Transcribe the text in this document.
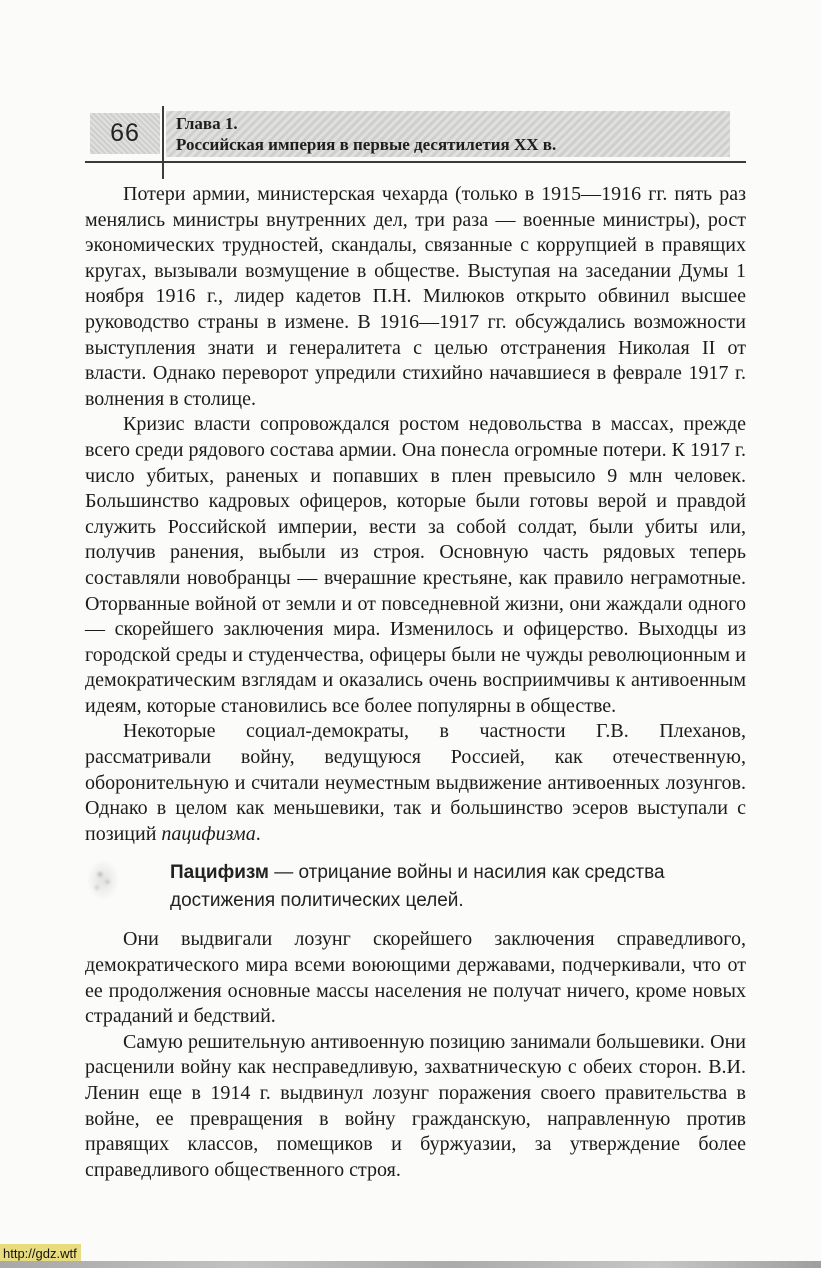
66	Глава 1.
Российская империя в первые десятилетия XX в.

Потери армии, министерская чехарда (только в 1915—1916 гг. пять раз менялись министры внутренних дел, три раза — военные министры), рост экономических трудностей, скандалы, связанные с коррупцией в правящих кругах, вызывали возмущение в обществе. Выступая на заседании Думы 1 ноября 1916 г., лидер кадетов П.Н. Милюков открыто обвинил высшее руководство страны в измене. В 1916—1917 гг. обсуждались возможности выступления знати и генералитета с целью отстранения Николая II от власти. Однако переворот упредили стихийно начавшиеся в феврале 1917 г. волнения в столице.

Кризис власти сопровождался ростом недовольства в массах, прежде всего среди рядового состава армии. Она понесла огромные потери. К 1917 г. число убитых, раненых и попавших в плен превысило 9 млн человек. Большинство кадровых офицеров, которые были готовы верой и правдой служить Российской империи, вести за собой солдат, были убиты или, получив ранения, выбыли из строя. Основную часть рядовых теперь составляли новобранцы — вчерашние крестьяне, как правило неграмотные. Оторванные войной от земли и от повседневной жизни, они жаждали одного — скорейшего заключения мира. Изменилось и офицерство. Выходцы из городской среды и студенчества, офицеры были не чужды революционным и демократическим взглядам и оказались очень восприимчивы к антивоенным идеям, которые становились все более популярны в обществе.

Некоторые социал-демократы, в частности Г.В. Плеханов, рассматривали войну, ведущуюся Россией, как отечественную, оборонительную и считали неуместным выдвижение антивоенных лозунгов. Однако в целом как меньшевики, так и большинство эсеров выступали с позиций пацифизма.

Пацифизм — отрицание войны и насилия как средства достижения политических целей.

Они выдвигали лозунг скорейшего заключения справедливого, демократического мира всеми воюющими державами, подчеркивали, что от ее продолжения основные массы населения не получат ничего, кроме новых страданий и бедствий.

Самую решительную антивоенную позицию занимали большевики. Они расценили войну как несправедливую, захватническую с обеих сторон. В.И. Ленин еще в 1914 г. выдвинул лозунг поражения своего правительства в войне, ее превращения в войну гражданскую, направленную против правящих классов, помещиков и буржуазии, за утверждение более справедливого общественного строя.

http://gdz.wtf
